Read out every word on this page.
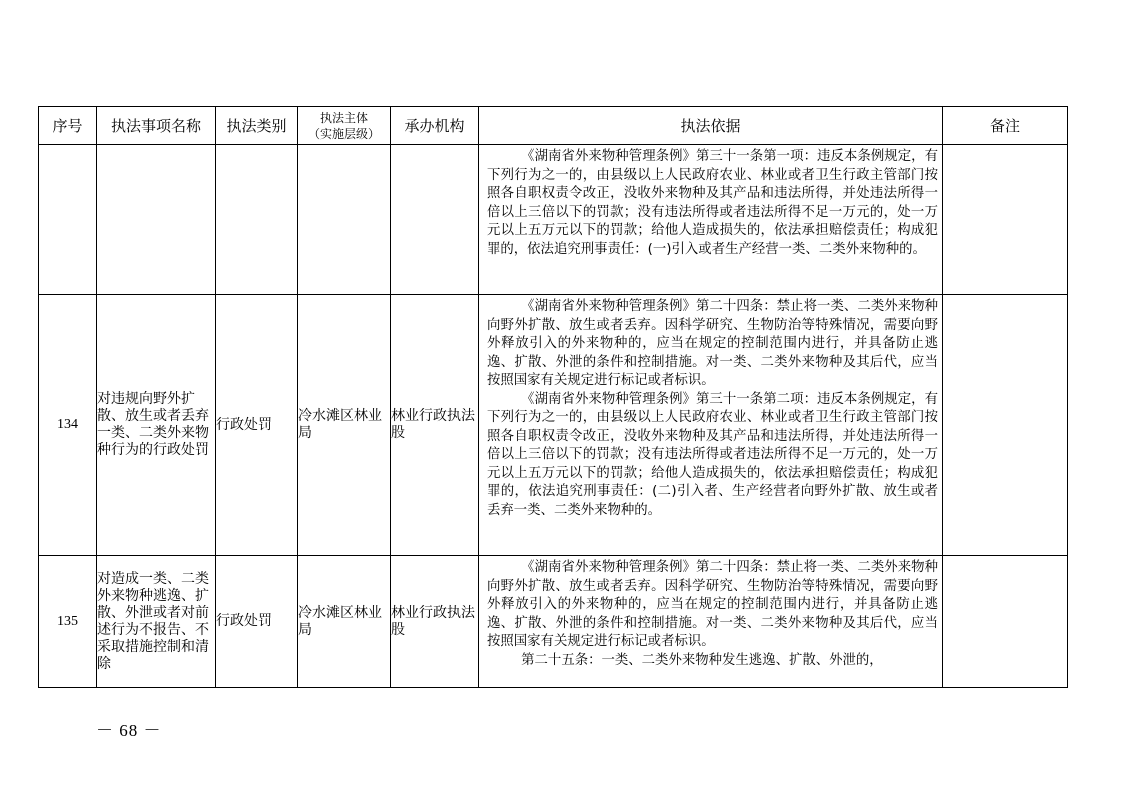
序号	执法事项名称	执法类别	执法主体
（实施层级）	承办机构	执法依据	备注

					《湖南省外来物种管理条例》第三十一条第一项：违反本条例规定，有下列行为之一的，由县级以上人民政府农业、林业或者卫生行政主管部门按照各自职权责令改正，没收外来物种及其产品和违法所得，并处违法所得一倍以上三倍以下的罚款；没有违法所得或者违法所得不足一万元的，处一万元以上五万元以下的罚款；给他人造成损失的，依法承担赔偿责任；构成犯罪的，依法追究刑事责任：(一)引入或者生产经营一类、二类外来物种的。	

134	对违规向野外扩散、放生或者丢弃一类、二类外来物种行为的行政处罚	行政处罚	冷水滩区林业局	林业行政执法股	《湖南省外来物种管理条例》第二十四条：禁止将一类、二类外来物种向野外扩散、放生或者丢弃。因科学研究、生物防治等特殊情况，需要向野外释放引入的外来物种的，应当在规定的控制范围内进行，并具备防止逃逸、扩散、外泄的条件和控制措施。对一类、二类外来物种及其后代，应当按照国家有关规定进行标记或者标识。

《湖南省外来物种管理条例》第三十一条第二项：违反本条例规定，有下列行为之一的，由县级以上人民政府农业、林业或者卫生行政主管部门按照各自职权责令改正，没收外来物种及其产品和违法所得，并处违法所得一倍以上三倍以下的罚款；没有违法所得或者违法所得不足一万元的，处一万元以上五万元以下的罚款；给他人造成损失的，依法承担赔偿责任；构成犯罪的，依法追究刑事责任：(二)引入者、生产经营者向野外扩散、放生或者丢弃一类、二类外来物种的。	

135	对造成一类、二类外来物种逃逸、扩散、外泄或者对前述行为不报告、不采取措施控制和清除	行政处罚	冷水滩区林业局	林业行政执法股	《湖南省外来物种管理条例》第二十四条：禁止将一类、二类外来物种向野外扩散、放生或者丢弃。因科学研究、生物防治等特殊情况，需要向野外释放引入的外来物种的，应当在规定的控制范围内进行，并具备防止逃逸、扩散、外泄的条件和控制措施。对一类、二类外来物种及其后代，应当按照国家有关规定进行标记或者标识。

第二十五条：一类、二类外来物种发生逃逸、扩散、外泄的，	

－ 68 －
